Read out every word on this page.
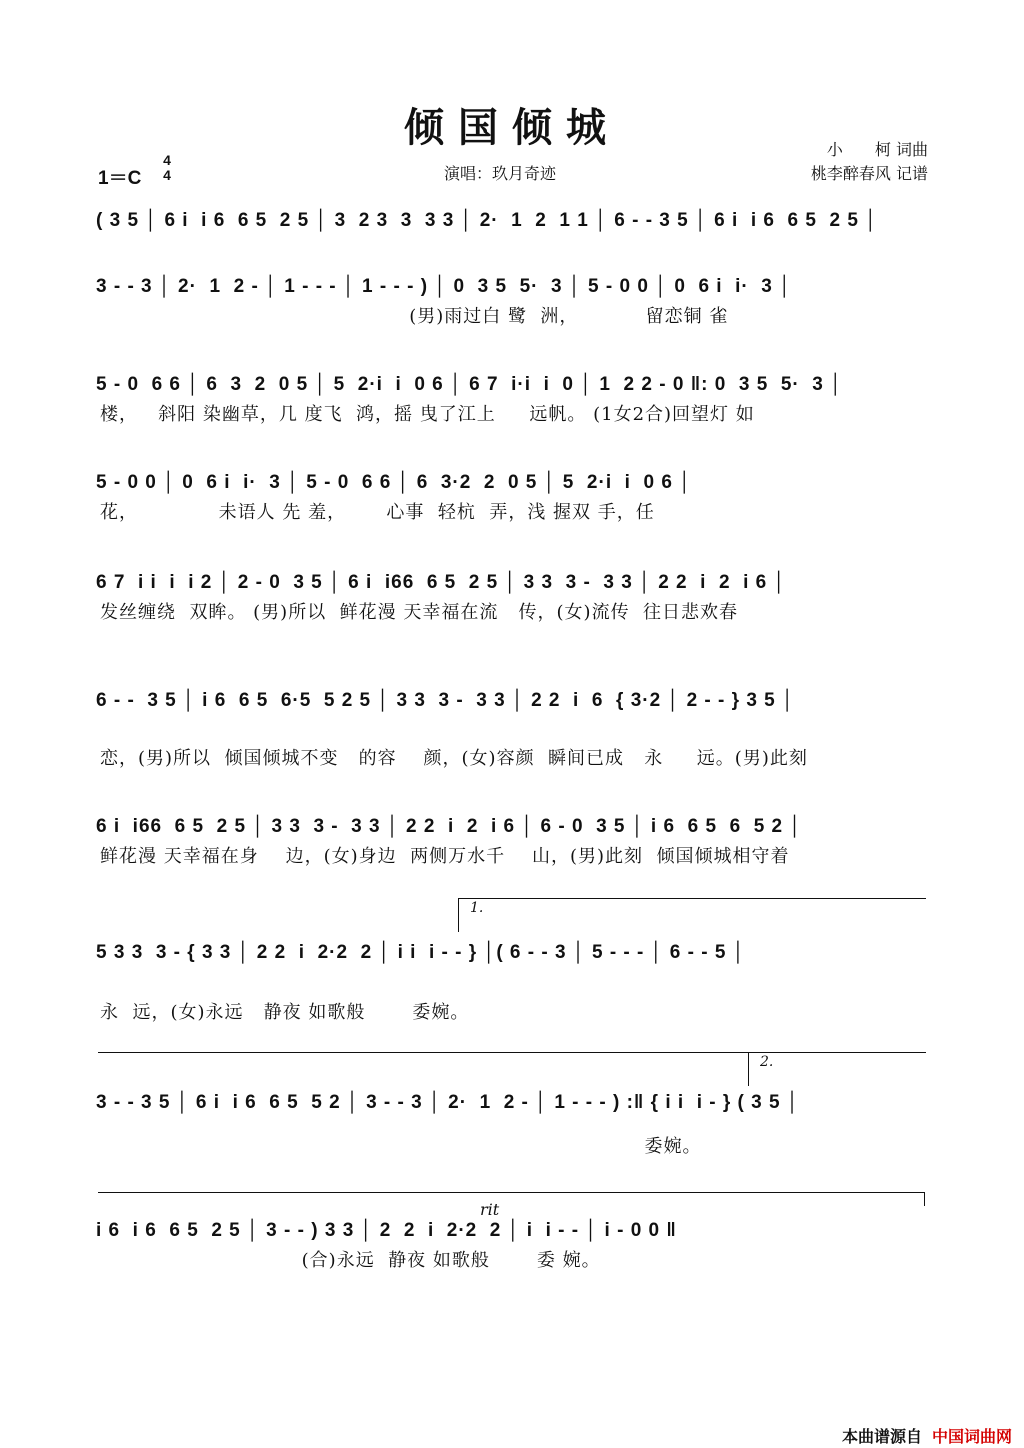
倾国倾城	小　　柯 词曲
桃李醉春风 记谱
1＝C
4
4	演唱：玖月奇迹
( 3 5 │ 6 i  i 6  6 5  2 5 │ 3  2 3  3  3 3 │ 2·  1  2  1 1 │ 6 - - 3 5 │ 6 i  i 6  6 5  2 5 │
3 - - 3 │ 2·  1  2 - │ 1 - - - │ 1 - - - ) │ 0  3 5  5·  3 │ 5 - 0 0 │ 0  6 i  i·  3 │
(男)雨过白 鹭  洲，          留恋铜 雀
5 - 0  6 6 │ 6  3  2  0 5 │ 5  2·i  i  0 6 │ 6 7  i·i  i  0 │ 1  2 2 - 0 ‖: 0  3 5  5·  3 │
楼，   斜阳 染幽草，几 度飞  鸿，摇 曳了江上     远帆。 (1女2合)回望灯 如
5 - 0 0 │ 0  6 i  i·  3 │ 5 - 0  6 6 │ 6  3·2  2  0 5 │ 5  2·i  i  0 6 │
花，            未语人 先 羞，      心事  轻杭  弄，浅 握双 手，任
6 7  i i  i  i 2 │ 2 - 0  3 5 │ 6 i  i66  6 5  2 5 │ 3 3  3 -  3 3 │ 2 2  i  2  i 6 │
发丝缠绕  双眸。 (男)所以  鲜花漫 天幸福在流   传，(女)流传  往日悲欢春
6 - -  3 5 │ i 6  6 5  6·5  5 2 5 │ 3 3  3 -  3 3 │ 2 2  i  6  { 3·2 │ 2 - - } 3 5 │
恋，(男)所以  倾国倾城不变   的容    颜，(女)容颜  瞬间已成   永     远。(男)此刻
6 i  i66  6 5  2 5 │ 3 3  3 -  3 3 │ 2 2  i  2  i 6 │ 6 - 0  3 5 │ i 6  6 5  6  5 2 │
鲜花漫 天幸福在身    边，(女)身边  两侧万水千    山，(男)此刻  倾国倾城相守着
5 3 3  3 - { 3 3 │ 2 2  i  2·2  2 │ i i  i - - } │( 6 - - 3 │ 5 - - - │ 6 - - 5 │
永  远，(女)永远   静夜 如歌般       委婉。
3 - - 3 5 │ 6 i  i 6  6 5  5 2 │ 3 - - 3 │ 2·  1  2 - │ 1 - - - ) :‖ { i i  i - } ( 3 5 │
委婉。
i 6  i 6  6 5  2 5 │ 3 - - ) 3 3 │ 2  2  i  2·2  2 │ i  i - - │ i - 0 0 ‖
(合)永远  静夜 如歌般       委 婉。
1.
2.
rit
本曲谱源自 中国词曲网
